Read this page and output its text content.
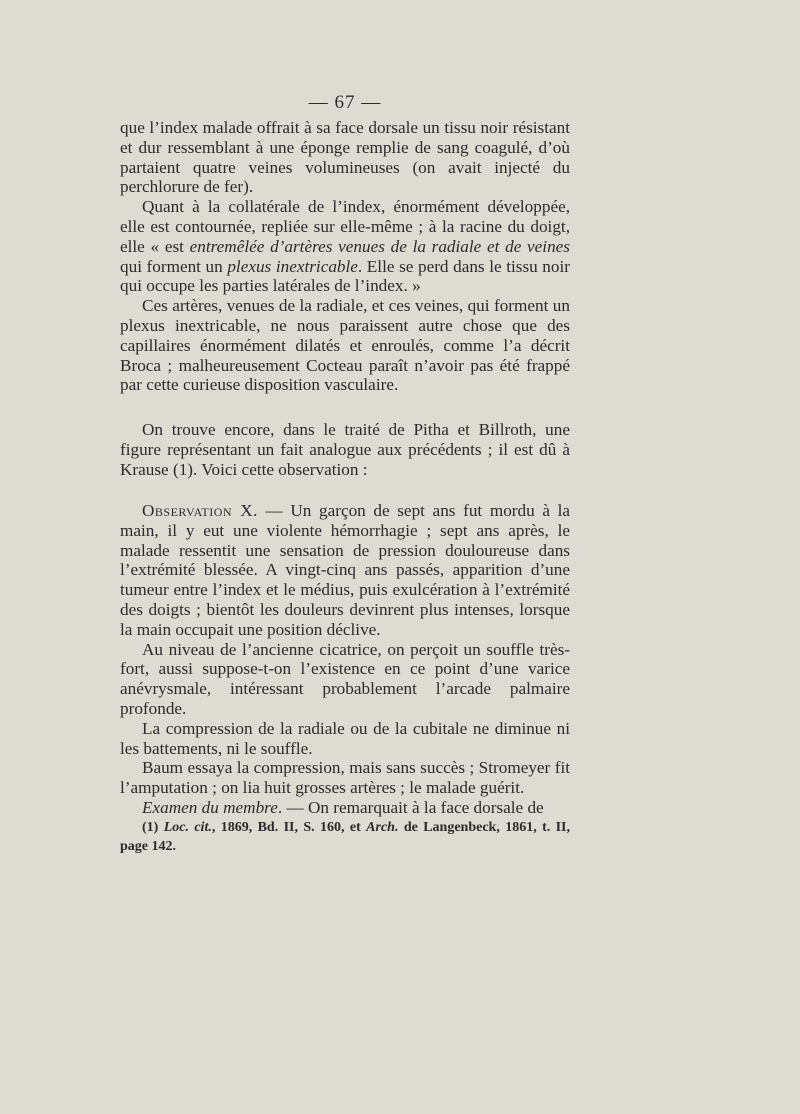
— 67 —

que l’index malade offrait à sa face dorsale un tissu noir résistant et dur ressemblant à une éponge remplie de sang coagulé, d’où partaient quatre veines volumineuses (on avait injecté du perchlorure de fer).

Quant à la collatérale de l’index, énormément développée, elle est contournée, repliée sur elle-même ; à la racine du doigt, elle « est entremêlée d’artères venues de la radiale et de veines qui forment un plexus inextricable. Elle se perd dans le tissu noir qui occupe les parties latérales de l’index. »

Ces artères, venues de la radiale, et ces veines, qui forment un plexus inextricable, ne nous paraissent autre chose que des capillaires énormément dilatés et enroulés, comme l’a décrit Broca ; malheureusement Cocteau paraît n’avoir pas été frappé par cette curieuse disposition vasculaire.

On trouve encore, dans le traité de Pitha et Billroth, une figure représentant un fait analogue aux précédents ; il est dû à Krause (1). Voici cette observation :

Observation X. — Un garçon de sept ans fut mordu à la main, il y eut une violente hémorrhagie ; sept ans après, le malade ressentit une sensation de pression douloureuse dans l’extrémité blessée. A vingt-cinq ans passés, apparition d’une tumeur entre l’index et le médius, puis exulcération à l’extrémité des doigts ; bientôt les douleurs devinrent plus intenses, lorsque la main occupait une position déclive.

Au niveau de l’ancienne cicatrice, on perçoit un souffle très-fort, aussi suppose-t-on l’existence en ce point d’une varice anévrysmale, intéressant probablement l’arcade palmaire profonde.

La compression de la radiale ou de la cubitale ne diminue ni les battements, ni le souffle.

Baum essaya la compression, mais sans succès ; Stromeyer fit l’amputation ; on lia huit grosses artères ; le malade guérit.

Examen du membre. — On remarquait à la face dorsale de

(1) Loc. cit., 1869, Bd. II, S. 160, et Arch. de Langenbeck, 1861, t. II, page 142.
